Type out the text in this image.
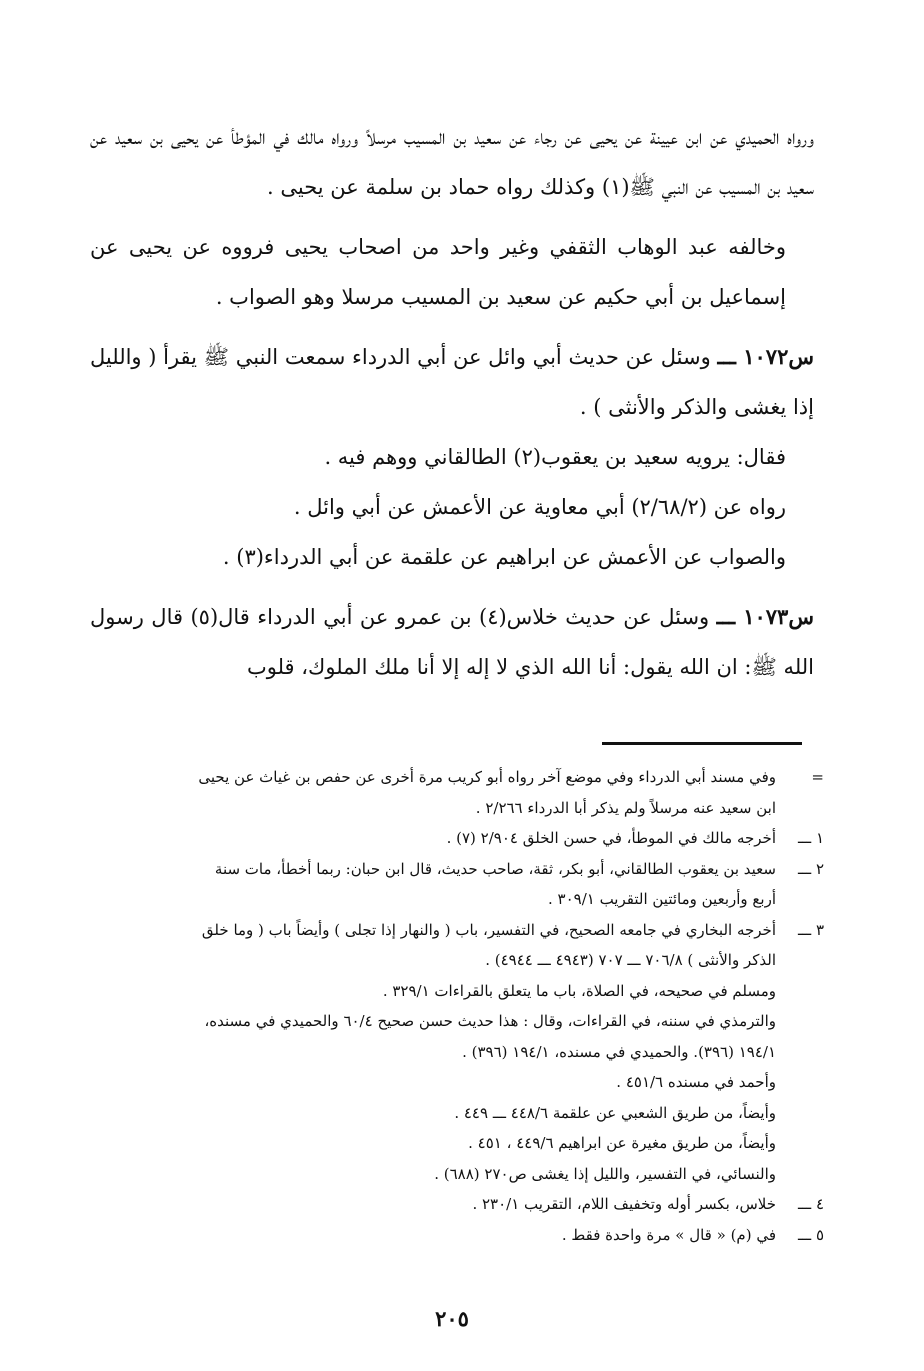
ورواه الحميدي عن ابن عيينة عن يحيى عن رجاء عن سعيد بن المسيب مرسلاً ورواه مالك في المؤطأ عن يحيى بن سعيد عن سعيد بن المسيب عن النبي ﷺ(١) وكذلك رواه حماد بن سلمة عن يحيى .

وخالفه عبد الوهاب الثقفي وغير واحد من اصحاب يحيى فرووه عن يحيى عن إسماعيل بن أبي حكيم عن سعيد بن المسيب مرسلا وهو الصواب .

س١٠٧٢ ـــ وسئل عن حديث أبي وائل عن أبي الدرداء سمعت النبي ﷺ يقرأ ( والليل إذا يغشى والذكر والأنثى ) .

فقال: يرويه سعيد بن يعقوب(٢) الطالقاني ووهم فيه .

رواه عن (٢/٦٨/٢) أبي معاوية عن الأعمش عن أبي وائل .

والصواب عن الأعمش عن ابراهيم عن علقمة عن أبي الدرداء(٣) .

س١٠٧٣ ـــ وسئل عن حديث خلاس(٤) بن عمرو عن أبي الدرداء قال(٥) قال رسول الله ﷺ: ان الله يقول: أنا الله الذي لا إله إلا أنا ملك الملوك، قلوب

=
وفي مسند أبي الدرداء وفي موضع آخر رواه أبو كريب مرة أخرى عن حفص بن غياث عن يحيى
ابن سعيد عنه مرسلاً ولم يذكر أبا الدرداء ٢/٢٦٦ .
١ ـــ
أخرجه مالك في الموطأ، في حسن الخلق ٢/٩٠٤ (٧) .
٢ ـــ
سعيد بن يعقوب الطالقاني، أبو بكر، ثقة، صاحب حديث، قال ابن حبان: ربما أخطأ، مات سنة
أربع وأربعين ومائتين التقريب ٣٠٩/١ .
٣ ـــ
أخرجه البخاري في جامعه الصحيح، في التفسير، باب ( والنهار إذا تجلى ) وأيضاً باب ( وما خلق
الذكر والأنثى ) ٧٠٦/٨ ـــ ٧٠٧ (٤٩٤٣ ـــ ٤٩٤٤) .
ومسلم في صحيحه، في الصلاة، باب ما يتعلق بالقراءات ٣٢٩/١ .
والترمذي في سننه، في القراءات، وقال : هذا حديث حسن صحيح ٦٠/٤ والحميدي في مسنده،
١٩٤/١ (٣٩٦). والحميدي في مسنده، ١٩٤/١ (٣٩٦) .
وأحمد في مسنده ٤٥١/٦ .
وأيضاً، من طريق الشعبي عن علقمة ٤٤٨/٦ ـــ ٤٤٩ .
وأيضاً، من طريق مغيرة عن ابراهيم ٤٤٩/٦ ، ٤٥١ .
والنسائي، في التفسير، والليل إذا يغشى ص٢٧٠ (٦٨٨) .
٤ ـــ
خلاس، بكسر أوله وتخفيف اللام، التقريب ٢٣٠/١ .
٥ ـــ
في (م) « قال » مرة واحدة فقط .
٢٠٥
